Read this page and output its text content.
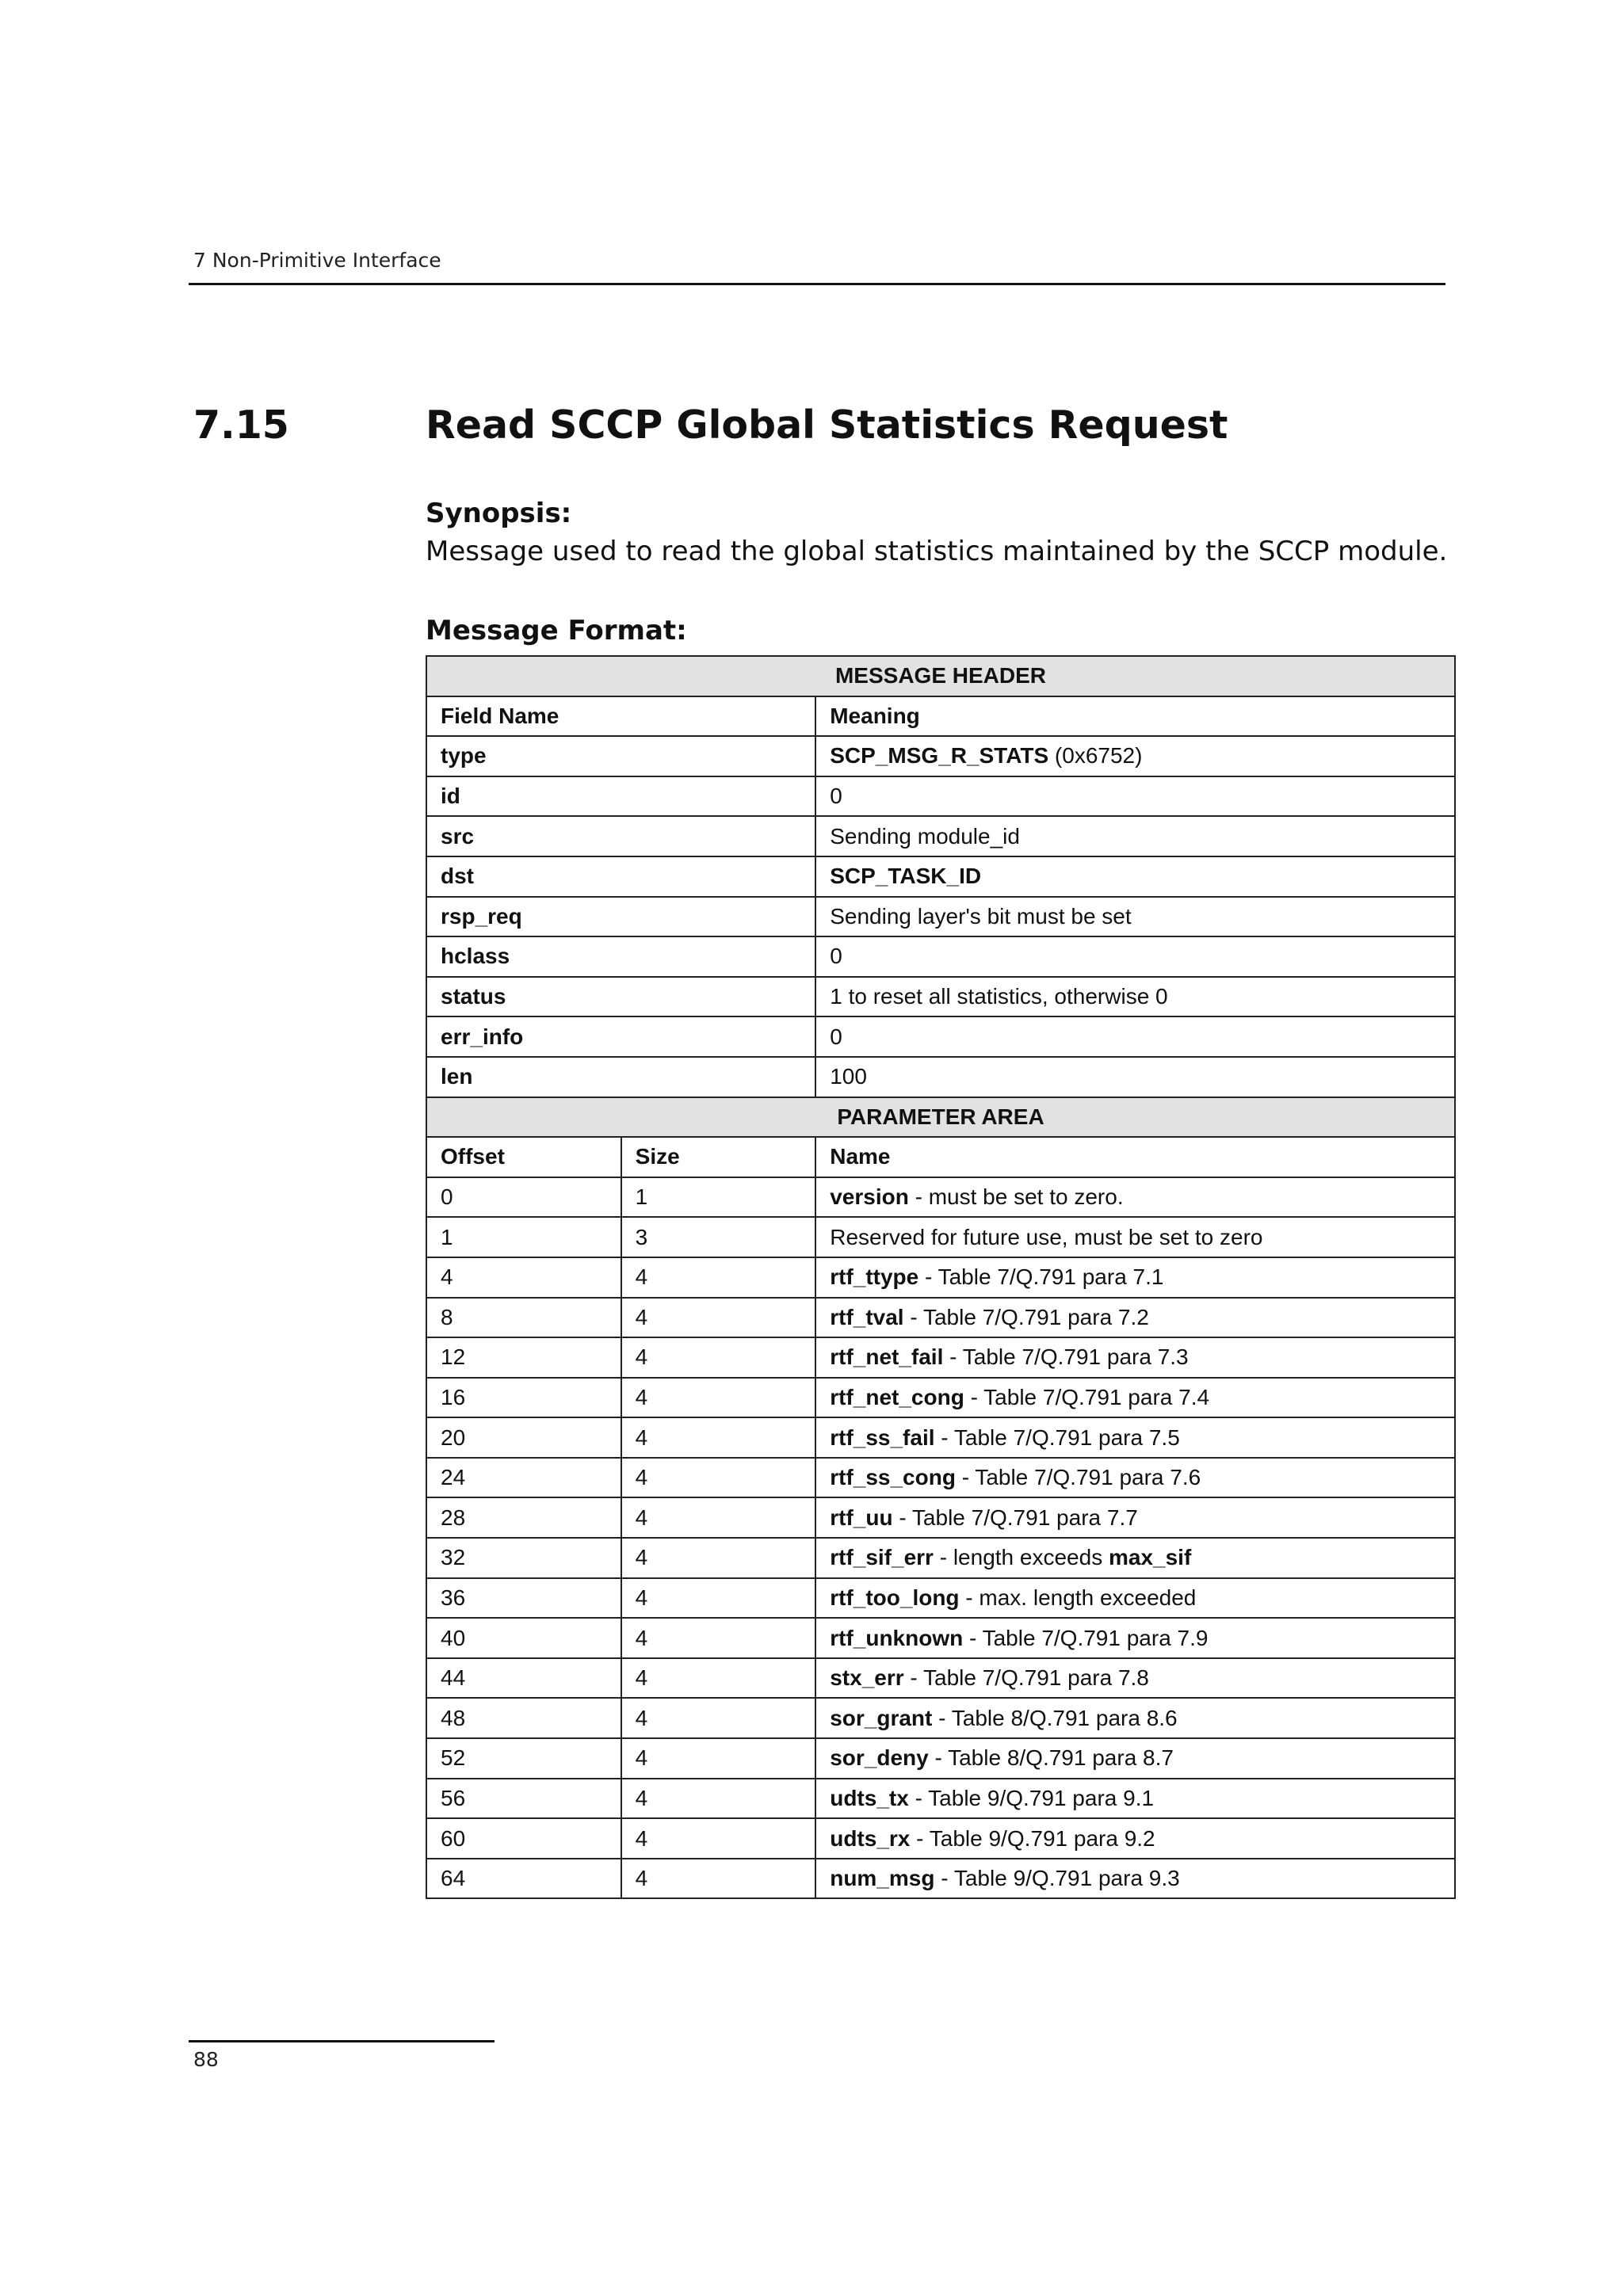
7 Non-Primitive Interface
7.15	Read SCCP Global Statistics Request
Synopsis:
Message used to read the global statistics maintained by the SCCP module.
Message Format:
MESSAGE HEADER		
Field Name		Meaning
type		SCP_MSG_R_STATS (0x6752)
id		0
src		Sending module_id
dst		SCP_TASK_ID
rsp_req		Sending layer's bit must be set
hclass		0
status		1 to reset all statistics, otherwise 0
err_info		0
len		100
PARAMETER AREA		
Offset	Size	Name
0	1	version - must be set to zero.
1	3	Reserved for future use, must be set to zero
4	4	rtf_ttype - Table 7/Q.791 para 7.1
8	4	rtf_tval - Table 7/Q.791 para 7.2
12	4	rtf_net_fail - Table 7/Q.791 para 7.3
16	4	rtf_net_cong - Table 7/Q.791 para 7.4
20	4	rtf_ss_fail - Table 7/Q.791 para 7.5
24	4	rtf_ss_cong - Table 7/Q.791 para 7.6
28	4	rtf_uu - Table 7/Q.791 para 7.7
32	4	rtf_sif_err - length exceeds max_sif
36	4	rtf_too_long - max. length exceeded
40	4	rtf_unknown - Table 7/Q.791 para 7.9
44	4	stx_err - Table 7/Q.791 para 7.8
48	4	sor_grant - Table 8/Q.791 para 8.6
52	4	sor_deny - Table 8/Q.791 para 8.7
56	4	udts_tx - Table 9/Q.791 para 9.1
60	4	udts_rx - Table 9/Q.791 para 9.2
64	4	num_msg - Table 9/Q.791 para 9.3
88
